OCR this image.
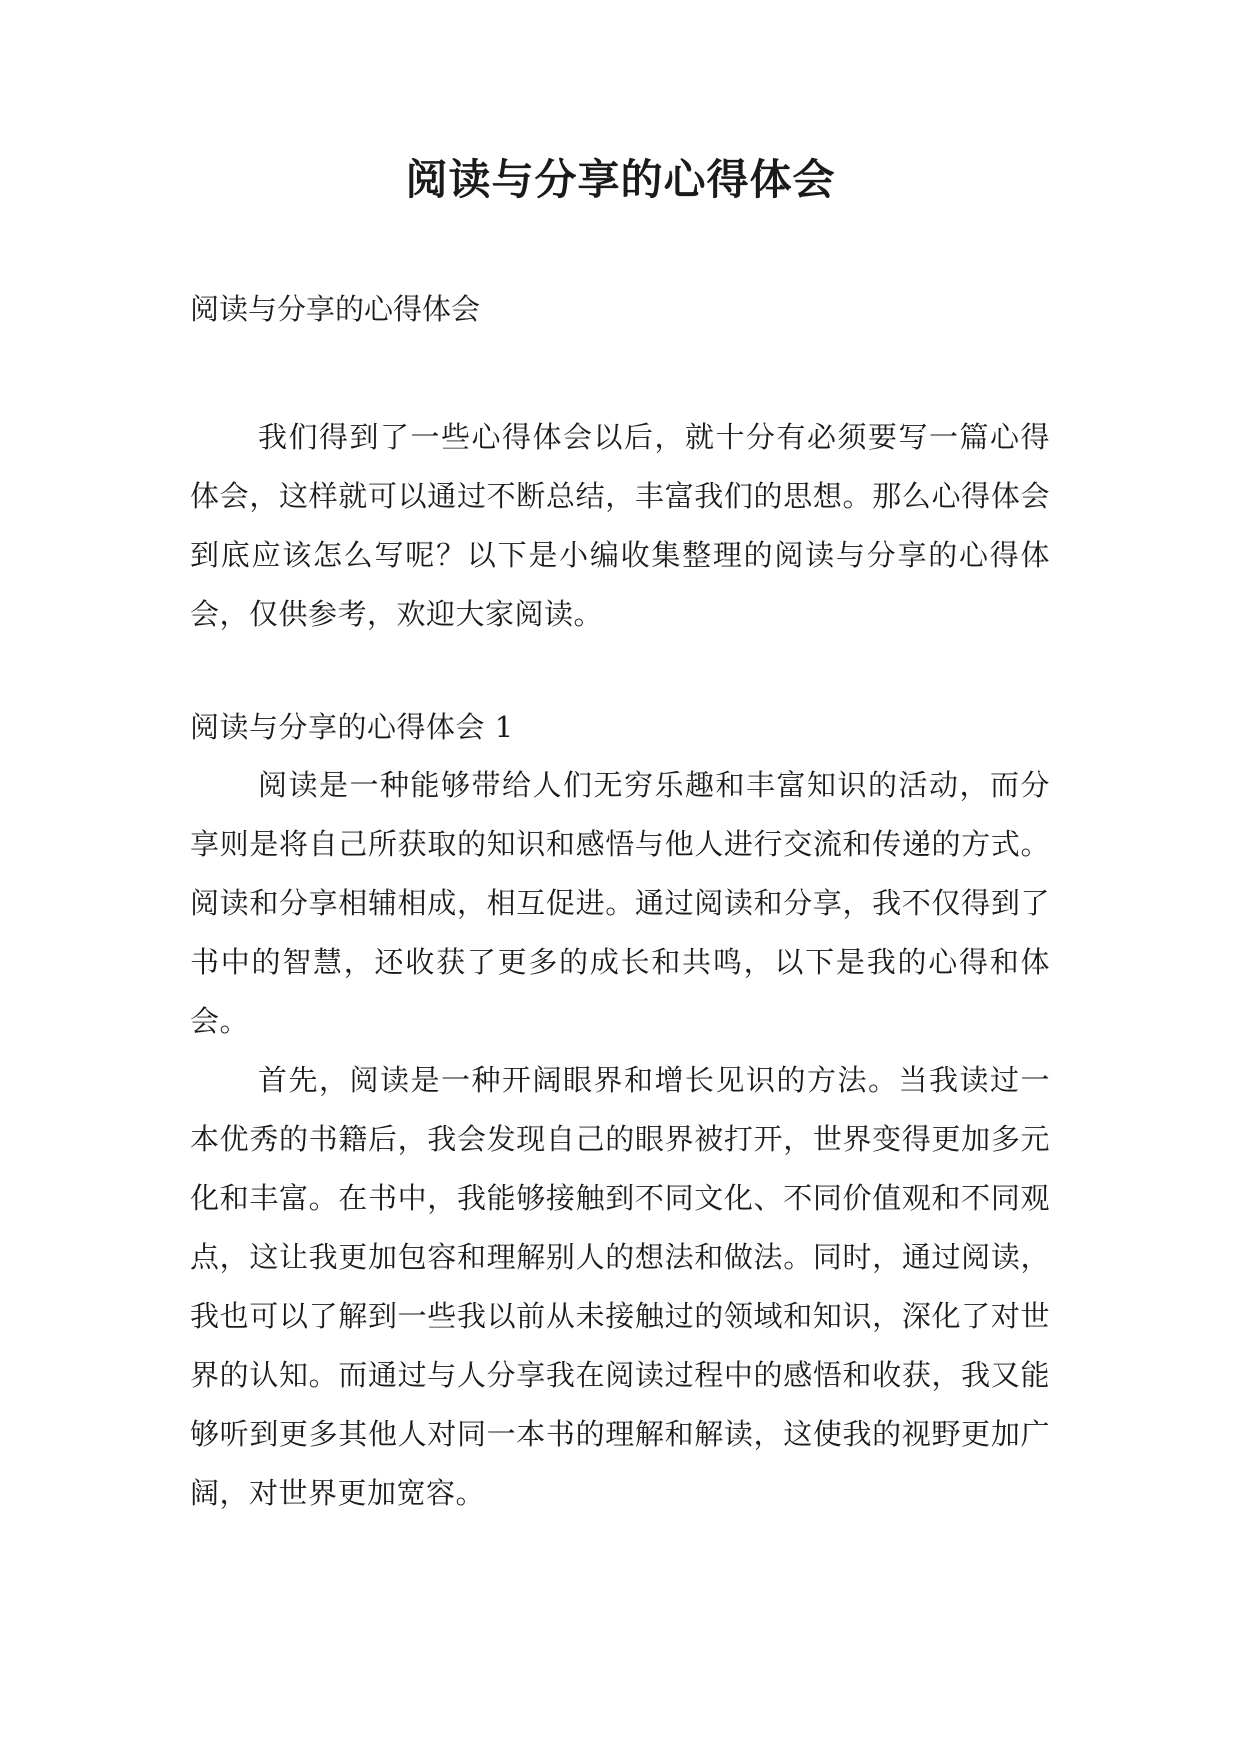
阅读与分享的心得体会

阅读与分享的心得体会

我们得到了一些心得体会以后，就十分有必须要写一篇心得体会，这样就可以通过不断总结，丰富我们的思想。那么心得体会到底应该怎么写呢？以下是小编收集整理的阅读与分享的心得体会，仅供参考，欢迎大家阅读。

阅读与分享的心得体会 1

阅读是一种能够带给人们无穷乐趣和丰富知识的活动，而分享则是将自己所获取的知识和感悟与他人进行交流和传递的方式。阅读和分享相辅相成，相互促进。通过阅读和分享，我不仅得到了书中的智慧，还收获了更多的成长和共鸣，以下是我的心得和体会。

首先，阅读是一种开阔眼界和增长见识的方法。当我读过一本优秀的书籍后，我会发现自己的眼界被打开，世界变得更加多元化和丰富。在书中，我能够接触到不同文化、不同价值观和不同观点，这让我更加包容和理解别人的想法和做法。同时，通过阅读，我也可以了解到一些我以前从未接触过的领域和知识，深化了对世界的认知。而通过与人分享我在阅读过程中的感悟和收获，我又能够听到更多其他人对同一本书的理解和解读，这使我的视野更加广阔，对世界更加宽容。
